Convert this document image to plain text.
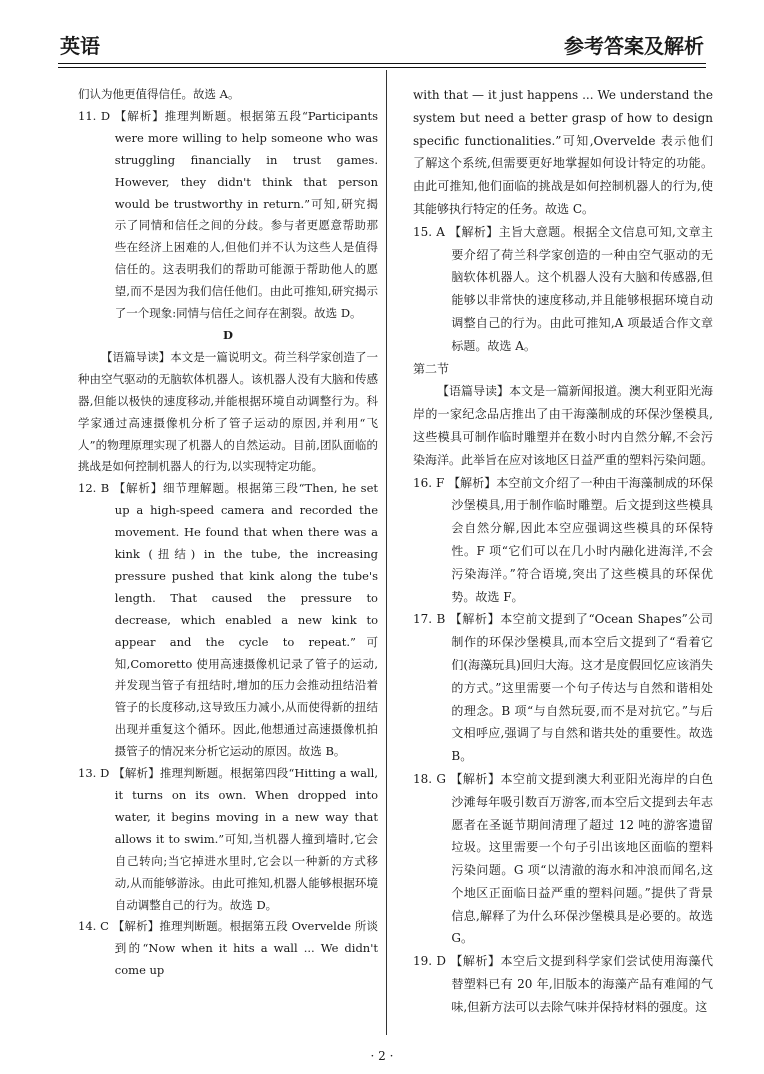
英语	参考答案及解析

们认为他更值得信任。故选 A。

11. D 【解析】推理判断题。根据第五段“Participants were more willing to help someone who was struggling financially in trust games. However, they didn't think that person would be trustworthy in return.”可知,研究揭示了同情和信任之间的分歧。参与者更愿意帮助那些在经济上困难的人,但他们并不认为这些人是值得信任的。这表明我们的帮助可能源于帮助他人的愿望,而不是因为我们信任他们。由此可推知,研究揭示了一个现象:同情与信任之间存在割裂。故选 D。

D

【语篇导读】本文是一篇说明文。荷兰科学家创造了一种由空气驱动的无脑软体机器人。该机器人没有大脑和传感器,但能以极快的速度移动,并能根据环境自动调整行为。科学家通过高速摄像机分析了管子运动的原因,并利用“飞人”的物理原理实现了机器人的自然运动。目前,团队面临的挑战是如何控制机器人的行为,以实现特定功能。

12. B 【解析】细节理解题。根据第三段“Then, he set up a high-speed camera and recorded the movement. He found that when there was a kink (扭结) in the tube, the increasing pressure pushed that kink along the tube's length. That caused the pressure to decrease, which enabled a new kink to appear and the cycle to repeat.”可知,Comoretto 使用高速摄像机记录了管子的运动,并发现当管子有扭结时,增加的压力会推动扭结沿着管子的长度移动,这导致压力减小,从而使得新的扭结出现并重复这个循环。因此,他想通过高速摄像机拍摄管子的情况来分析它运动的原因。故选 B。

13. D 【解析】推理判断题。根据第四段“Hitting a wall, it turns on its own. When dropped into water, it begins moving in a new way that allows it to swim.”可知,当机器人撞到墙时,它会自己转向;当它掉进水里时,它会以一种新的方式移动,从而能够游泳。由此可推知,机器人能够根据环境自动调整自己的行为。故选 D。

14. C 【解析】推理判断题。根据第五段 Overvelde 所谈到的“Now when it hits a wall ... We didn't come up

with that — it just happens ... We understand the system but need a better grasp of how to design specific functionalities.”可知,Overvelde 表示他们了解这个系统,但需要更好地掌握如何设计特定的功能。由此可推知,他们面临的挑战是如何控制机器人的行为,使其能够执行特定的任务。故选 C。

15. A 【解析】主旨大意题。根据全文信息可知,文章主要介绍了荷兰科学家创造的一种由空气驱动的无脑软体机器人。这个机器人没有大脑和传感器,但能够以非常快的速度移动,并且能够根据环境自动调整自己的行为。由此可推知,A 项最适合作文章标题。故选 A。

第二节

【语篇导读】本文是一篇新闻报道。澳大利亚阳光海岸的一家纪念品店推出了由干海藻制成的环保沙堡模具,这些模具可制作临时雕塑并在数小时内自然分解,不会污染海洋。此举旨在应对该地区日益严重的塑料污染问题。

16. F 【解析】本空前文介绍了一种由干海藻制成的环保沙堡模具,用于制作临时雕塑。后文提到这些模具会自然分解,因此本空应强调这些模具的环保特性。F 项“它们可以在几小时内融化进海洋,不会污染海洋。”符合语境,突出了这些模具的环保优势。故选 F。

17. B 【解析】本空前文提到了“Ocean Shapes”公司制作的环保沙堡模具,而本空后文提到了“看着它们(海藻玩具)回归大海。这才是度假回忆应该消失的方式。”这里需要一个句子传达与自然和谐相处的理念。B 项“与自然玩耍,而不是对抗它。”与后文相呼应,强调了与自然和谐共处的重要性。故选 B。

18. G 【解析】本空前文提到澳大利亚阳光海岸的白色沙滩每年吸引数百万游客,而本空后文提到去年志愿者在圣诞节期间清理了超过 12 吨的游客遗留垃圾。这里需要一个句子引出该地区面临的塑料污染问题。G 项“以清澈的海水和冲浪而闻名,这个地区正面临日益严重的塑料问题。”提供了背景信息,解释了为什么环保沙堡模具是必要的。故选 G。

19. D 【解析】本空后文提到科学家们尝试使用海藻代替塑料已有 20 年,旧版本的海藻产品有难闻的气味,但新方法可以去除气味并保持材料的强度。这

· 2 ·
